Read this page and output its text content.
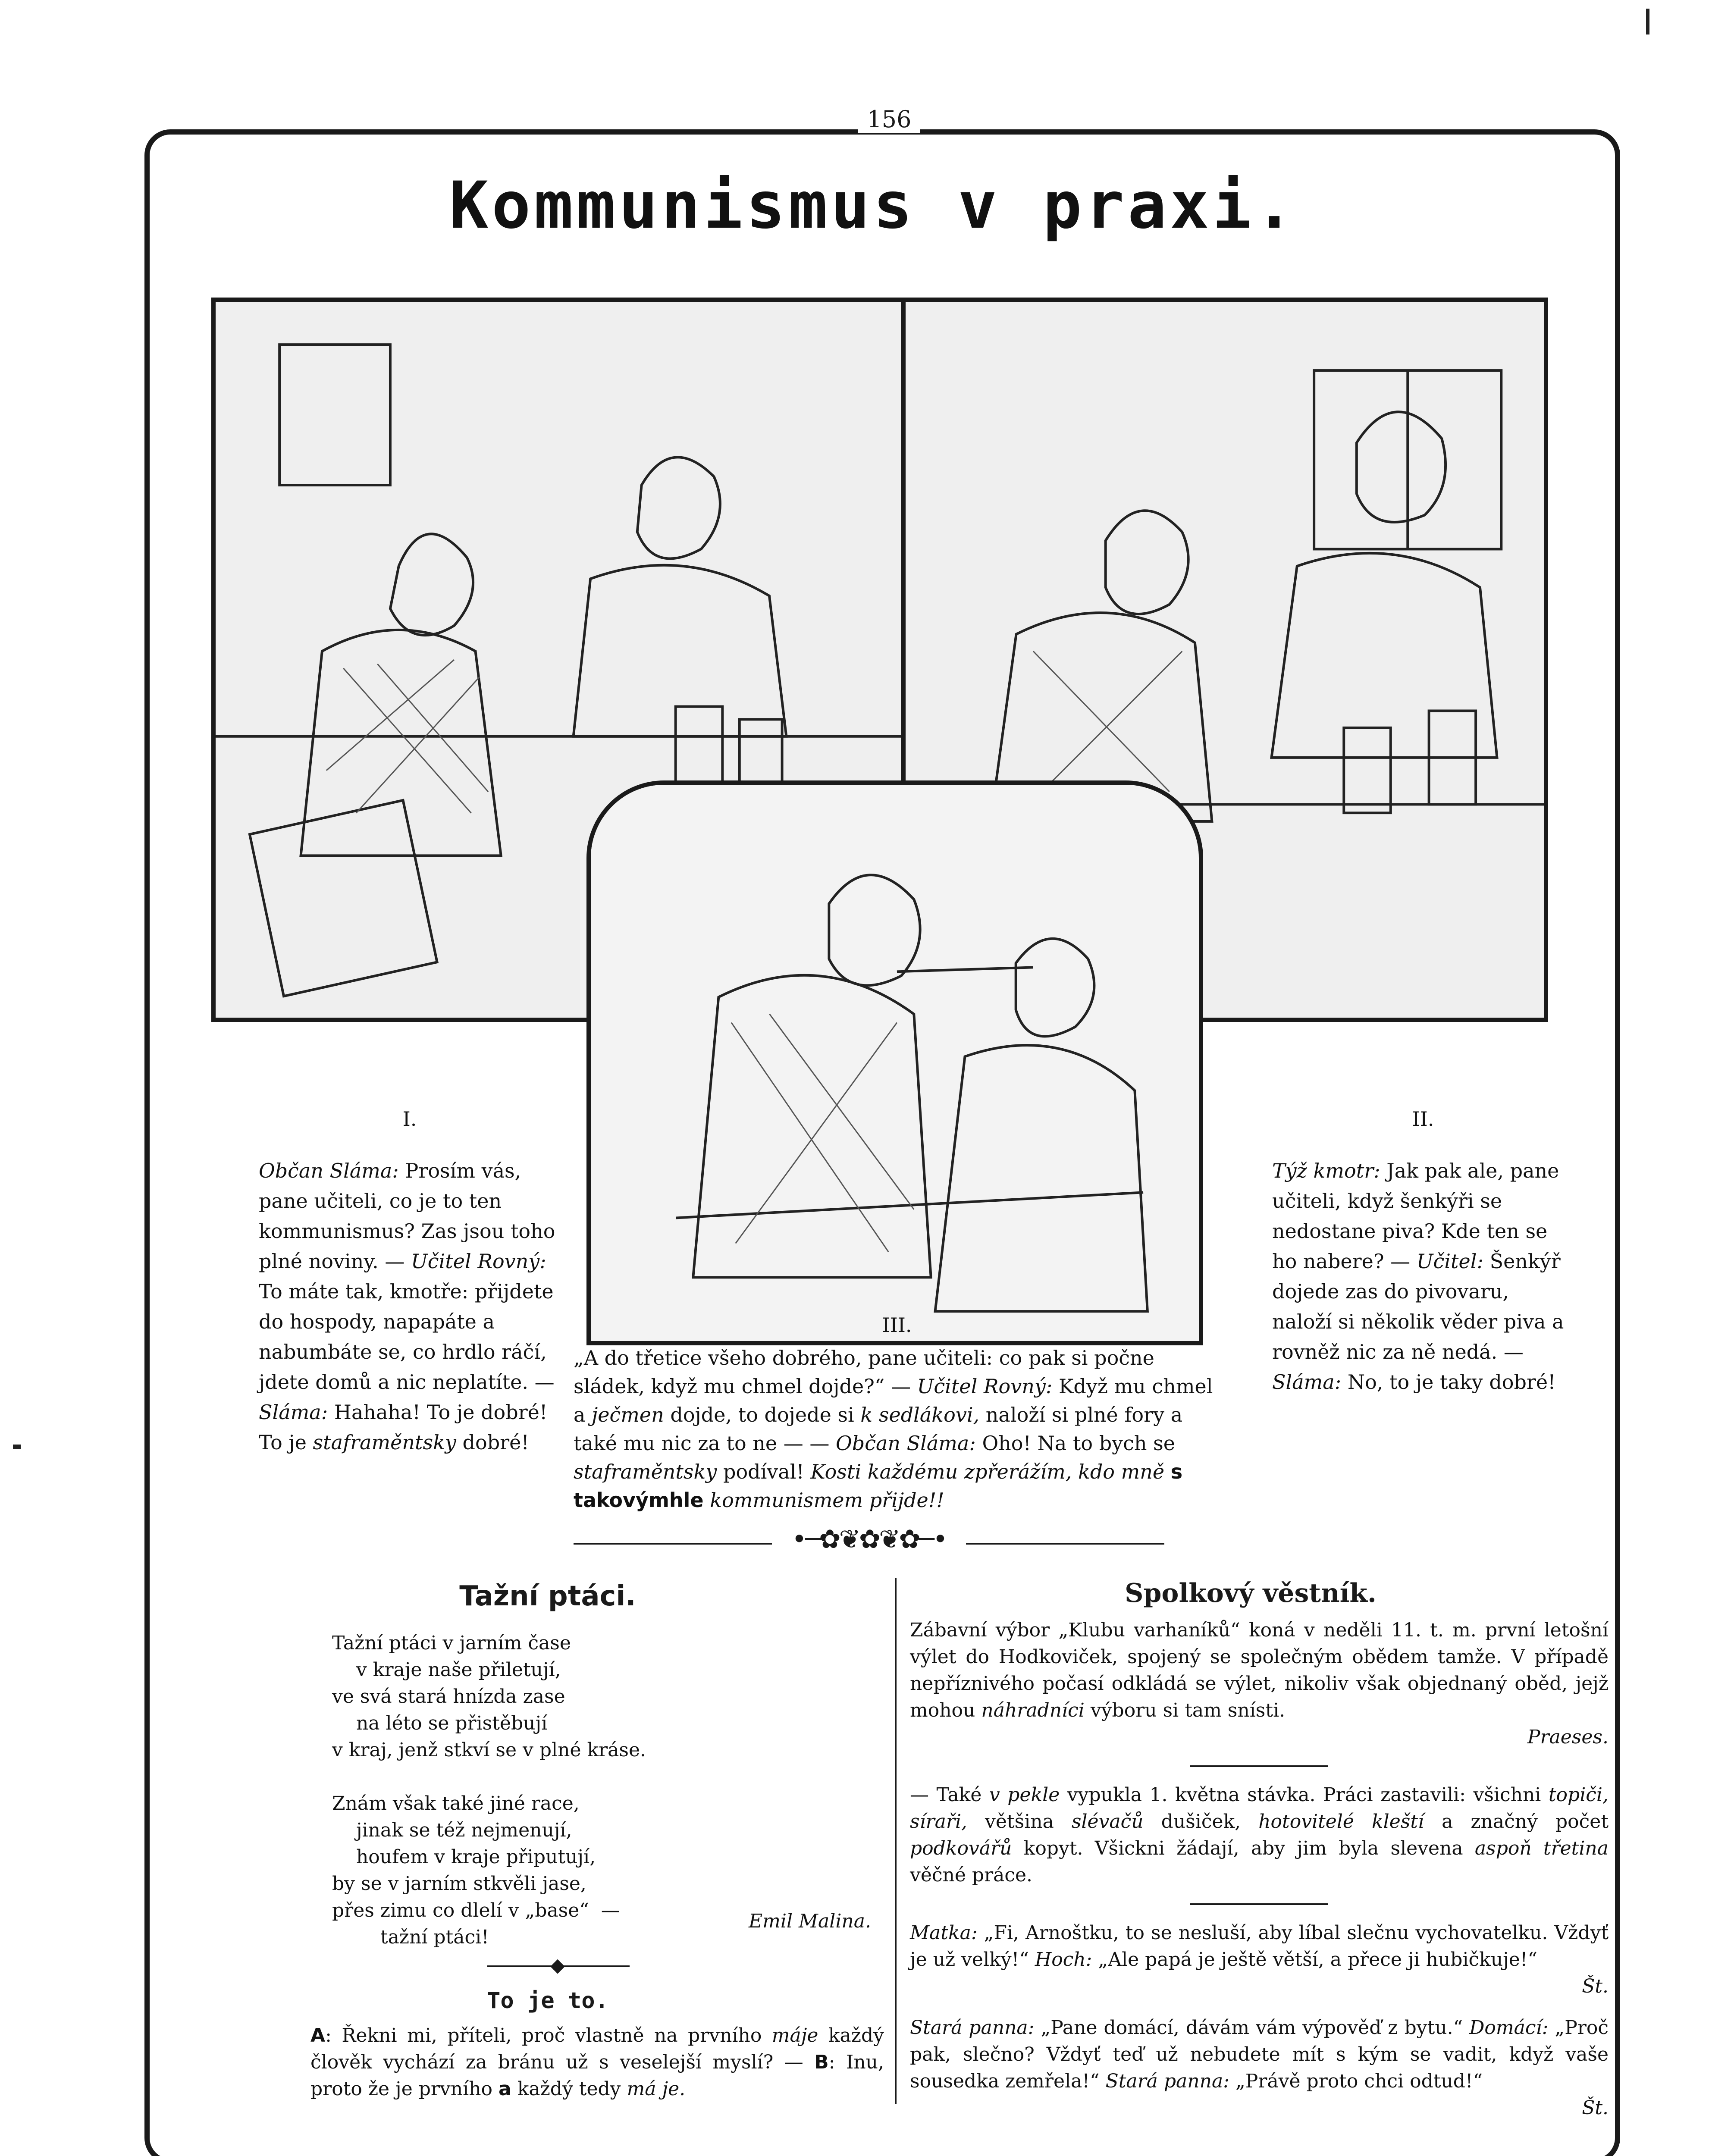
156
Kommunismus v praxi.
I.
Občan Sláma: Prosím vás, pane učiteli, co je to ten kommunismus? Zas jsou toho plné noviny. — Učitel Rovný: To máte tak, kmotře: přijdete do hospody, napapáte a nabumbáte se, co hrdlo ráčí, jdete domů a nic neplatíte. — Sláma: Hahaha! To je dobré! To je staframěntsky dobré!
II.
Týž kmotr: Jak pak ale, pane učiteli, když šenkýři se nedostane piva? Kde ten se ho nabere? — Učitel: Šenkýř dojede zas do pivovaru, naloží si několik věder piva a rovněž nic za ně nedá. — Sláma: No, to je taky dobré!
III.
„A do třetice všeho dobrého, pane učiteli: co pak si počne sládek, když mu chmel dojde?“ — Učitel Rovný: Když mu chmel a ječmen dojde, to dojede si k sedlákovi, naloží si plné fory a také mu nic za to ne — — Občan Sláma: Oho! Na to bych se staframěntsky podíval! Kosti každému zpřerážím, kdo mně s takovýmhle kommunismem přijde!!
•─✿❦✿❦✿─•
Tažní ptáci.
Tažní ptáci v jarním čase
v kraje naše přiletují,
ve svá stará hnízda zase
na léto se přistěbují
v kraj, jenž stkví se v plné kráse.

Znám však také jiné race,
jinak se též nejmenují,
houfem v kraje připutují,
by se v jarním stkvěli jase,
přes zimu co dlelí v „base“  —
tažní ptáci!
Emil Malina.
◆
To je to.
A: Řekni mi, příteli, proč vlastně na prvního máje každý člověk vychází za bránu už s veselejší myslí? — B: Inu, proto že je prvního a každý tedy má je.
Spolkový věstník.
Zábavní výbor „Klubu varhaníků“ koná v neděli 11. t. m. první letošní výlet do Hodkoviček, spojený se společným obědem tamže. V případě nepříznivého počasí odkládá se výlet, nikoliv však objednaný oběd, jejž mohou náhradníci výboru si tam snísti.
Praeses.
— Také v pekle vypukla 1. května stávka. Práci zastavili: všichni topiči, síraři, většina slévačů dušiček, hotovitelé kleští a značný počet podkovářů kopyt. Všickni žádají, aby jim byla slevena aspoň třetina věčné práce.
Matka: „Fi, Arnoštku, to se nesluší, aby líbal slečnu vychovatelku. Vždyť je už velký!“ Hoch: „Ale papá je ještě větší, a přece ji hubičkuje!“
Št.
Stará panna: „Pane domácí, dávám vám výpověď z bytu.“ Domácí: „Proč pak, slečno? Vždyť teď už nebudete mít s kým se vadit, když vaše sousedka zemřela!“ Stará panna: „Právě proto chci odtud!“
Št.
